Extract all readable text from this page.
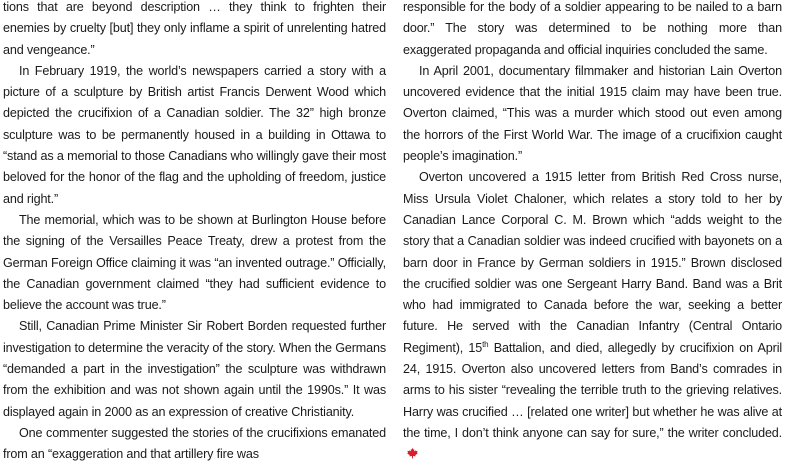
tions that are beyond description … they think to frighten their enemies by cruelty [but] they only inflame a spirit of unrelenting hatred and vengeance.”

In February 1919, the world’s newspapers carried a story with a picture of a sculpture by British artist Francis Derwent Wood which depicted the crucifixion of a Canadian soldier. The 32” high bronze sculpture was to be permanently housed in a building in Ottawa to “stand as a memorial to those Canadians who willingly gave their most beloved for the honor of the flag and the upholding of freedom, justice and right.”

The memorial, which was to be shown at Burlington House before the signing of the Versailles Peace Treaty, drew a protest from the German Foreign Office claiming it was “an invented outrage.” Officially, the Canadian government claimed “they had sufficient evidence to believe the account was true.”

Still, Canadian Prime Minister Sir Robert Borden requested further investigation to determine the veracity of the story. When the Germans “demanded a part in the investigation” the sculpture was withdrawn from the exhibition and was not shown again until the 1990s.” It was displayed again in 2000 as an expression of creative Christianity.

One commenter suggested the stories of the crucifixions emanated from an “exaggeration and that artillery fire was

responsible for the body of a soldier appearing to be nailed to a barn door.” The story was determined to be nothing more than exaggerated propaganda and official inquiries concluded the same.

In April 2001, documentary filmmaker and historian Lain Overton uncovered evidence that the initial 1915 claim may have been true. Overton claimed, “This was a murder which stood out even among the horrors of the First World War. The image of a crucifixion caught people’s imagination.”

Overton uncovered a 1915 letter from British Red Cross nurse, Miss Ursula Violet Chaloner, which relates a story told to her by Canadian Lance Corporal C. M. Brown which “adds weight to the story that a Canadian soldier was indeed crucified with bayonets on a barn door in France by German soldiers in 1915.” Brown disclosed the crucified soldier was one Sergeant Harry Band. Band was a Brit who had immigrated to Canada before the war, seeking a better future. He served with the Canadian Infantry (Central Ontario Regiment), 15th Battalion, and died, allegedly by crucifixion on April 24, 1915. Overton also uncovered letters from Band’s comrades in arms to his sister “revealing the terrible truth to the grieving relatives. Harry was crucified … [related one writer] but whether he was alive at the time, I don’t think anyone can say for sure,” the writer concluded.
